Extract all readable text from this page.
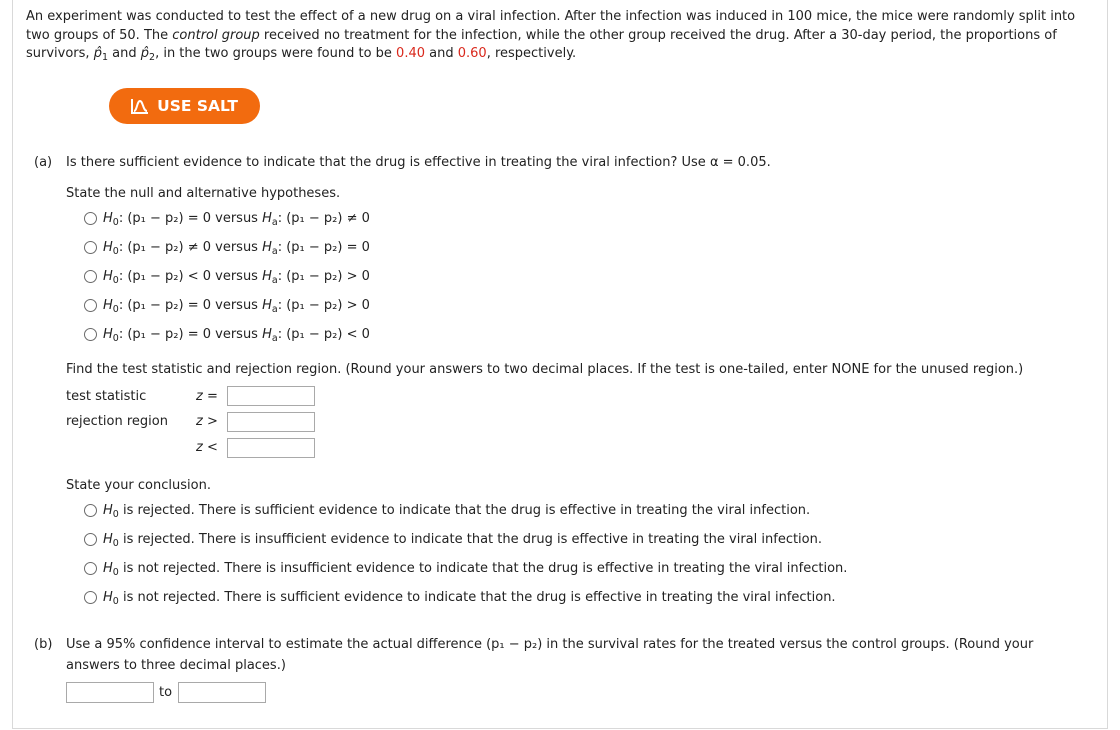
An experiment was conducted to test the effect of a new drug on a viral infection. After the infection was induced in 100 mice, the mice were randomly split into two groups of 50. The control group received no treatment for the infection, while the other group received the drug. After a 30-day period, the proportions of survivors, $p̂_1$ and $p̂_2$, in the two groups were found to be 0.40 and 0.60, respectively.
USE SALT
(a) Is there sufficient evidence to indicate that the drug is effective in treating the viral infection? Use α = 0.05.
State the null and alternative hypotheses.
$H_0$: (p₁ − p₂) = 0 versus $H_a$: (p₁ − p₂) ≠ 0
$H_0$: (p₁ − p₂) ≠ 0 versus $H_a$: (p₁ − p₂) = 0
$H_0$: (p₁ − p₂) < 0 versus $H_a$: (p₁ − p₂) > 0
$H_0$: (p₁ − p₂) = 0 versus $H_a$: (p₁ − p₂) > 0
$H_0$: (p₁ − p₂) = 0 versus $H_a$: (p₁ − p₂) < 0
Find the test statistic and rejection region. (Round your answers to two decimal places. If the test is one-tailed, enter NONE for the unused region.)
test statistic	z =
rejection region z >
z <
State your conclusion.
$H_0$ is rejected. There is sufficient evidence to indicate that the drug is effective in treating the viral infection.
$H_0$ is rejected. There is insufficient evidence to indicate that the drug is effective in treating the viral infection.
$H_0$ is not rejected. There is insufficient evidence to indicate that the drug is effective in treating the viral infection.
$H_0$ is not rejected. There is sufficient evidence to indicate that the drug is effective in treating the viral infection.
(b) Use a 95% confidence interval to estimate the actual difference (p₁ − p₂) in the survival rates for the treated versus the control groups. (Round your
answers to three decimal places.)
to
